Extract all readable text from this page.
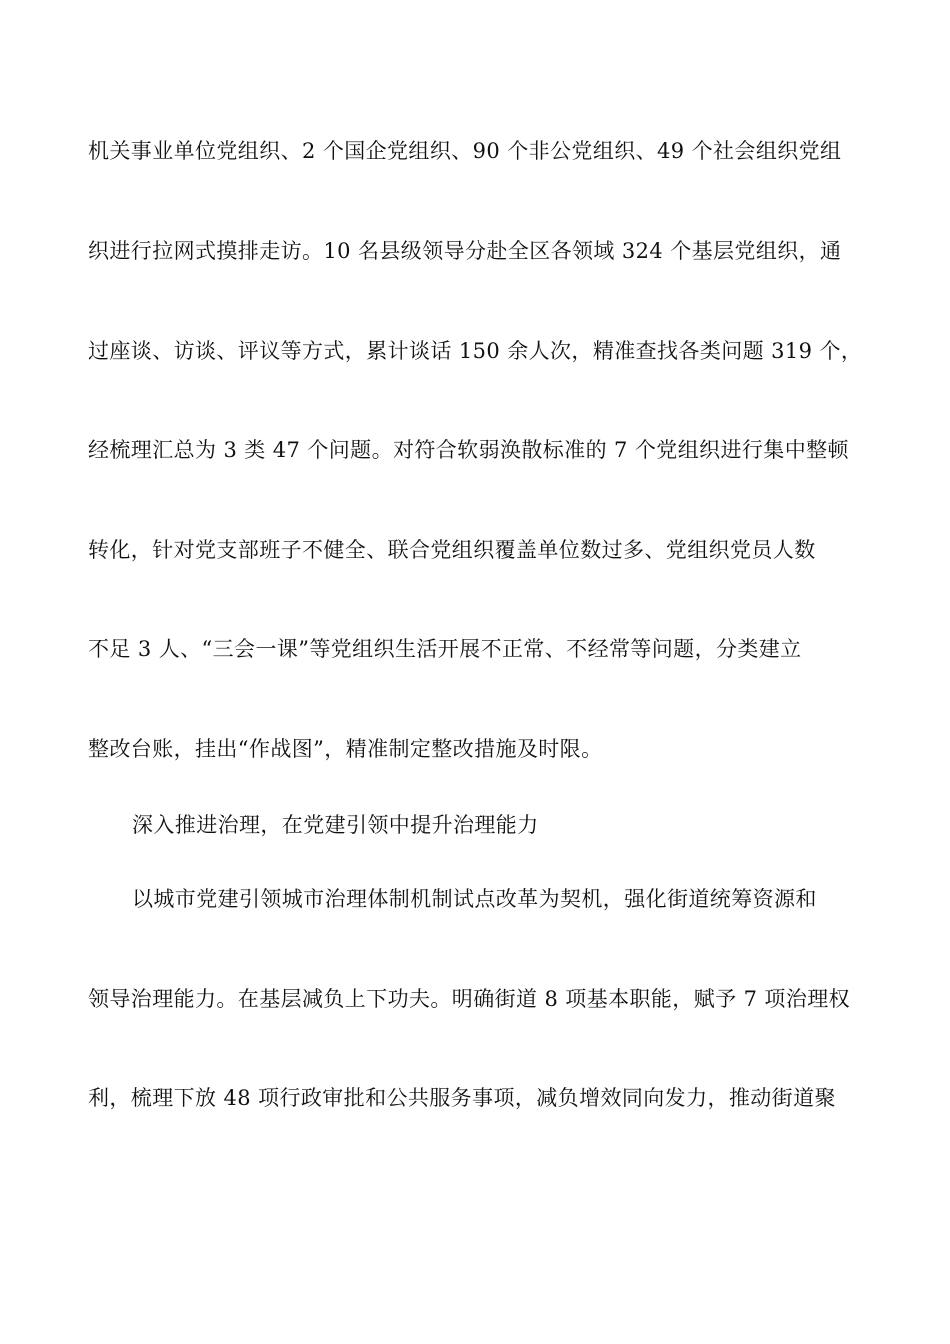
机关事业单位党组织、2 个国企党组织、90 个非公党组织、49 个社会组织党组
织进行拉网式摸排走访。10 名县级领导分赴全区各领域 324 个基层党组织，通
过座谈、访谈、评议等方式，累计谈话 150 余人次，精准查找各类问题 319 个，
经梳理汇总为 3 类 47 个问题。对符合软弱涣散标准的 7 个党组织进行集中整顿
转化，针对党支部班子不健全、联合党组织覆盖单位数过多、党组织党员人数
不足 3 人、“三会一课”等党组织生活开展不正常、不经常等问题，分类建立
整改台账，挂出“作战图”，精准制定整改措施及时限。
深入推进治理，在党建引领中提升治理能力
以城市党建引领城市治理体制机制试点改革为契机，强化街道统筹资源和
领导治理能力。在基层减负上下功夫。明确街道 8 项基本职能，赋予 7 项治理权
利，梳理下放 48 项行政审批和公共服务事项，减负增效同向发力，推动街道聚
